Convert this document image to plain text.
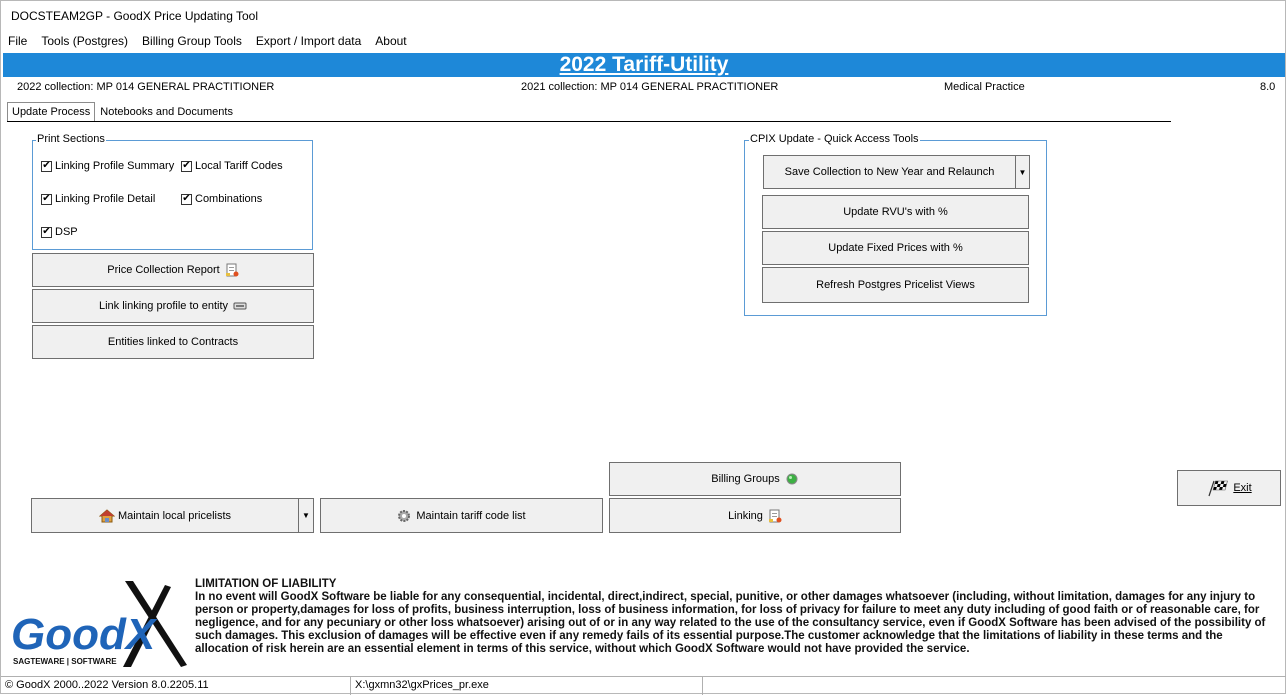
DOCSTEAM2GP - GoodX Price Updating Tool
File	Tools (Postgres)	Billing Group Tools	Export / Import data	About
2022 Tariff-Utility
2022 collection: MP 014 GENERAL PRACTITIONER	2021 collection: MP 014 GENERAL PRACTITIONER	Medical Practice	8.0
Update Process Notebooks and Documents
Print Sections
✔ Linking Profile Summary ✔ Local Tariff Codes
✔ Linking Profile Detail	✔ Combinations
✔ DSP
Price Collection Report
Link linking profile to entity
Entities linked to Contracts
CPIX Update - Quick Access Tools
Save Collection to New Year and Relaunch	▼
Update RVU's with %
Update Fixed Prices with %
Refresh Postgres Pricelist Views
Maintain local pricelists	▼	Maintain tariff code list
Billing Groups
Linking
Exit
GoodX
SAGTEWARE | SOFTWARE
LIMITATION OF LIABILITY
In no event will GoodX Software be liable for any consequential, incidental, direct,indirect, special, punitive, or other damages whatsoever (including, without limitation, damages for any injury to person or property,damages for loss of profits, business interruption, loss of business information, for loss of privacy for failure to meet any duty including of good faith or of reasonable care, for negligence, and for any pecuniary or other loss whatsoever) arising out of or in any way related to the use of the consultancy service, even if GoodX Software has been advised of the possibility of such damages. This exclusion of damages will be effective even if any remedy fails of its essential purpose.The customer acknowledge that the limitations of liability in these terms and the allocation of risk herein are an essential element in terms of this service, without which GoodX Software would not have provided the service.
© GoodX 2000..2022 Version 8.0.2205.11	X:\gxmn32\gxPrices_pr.exe
